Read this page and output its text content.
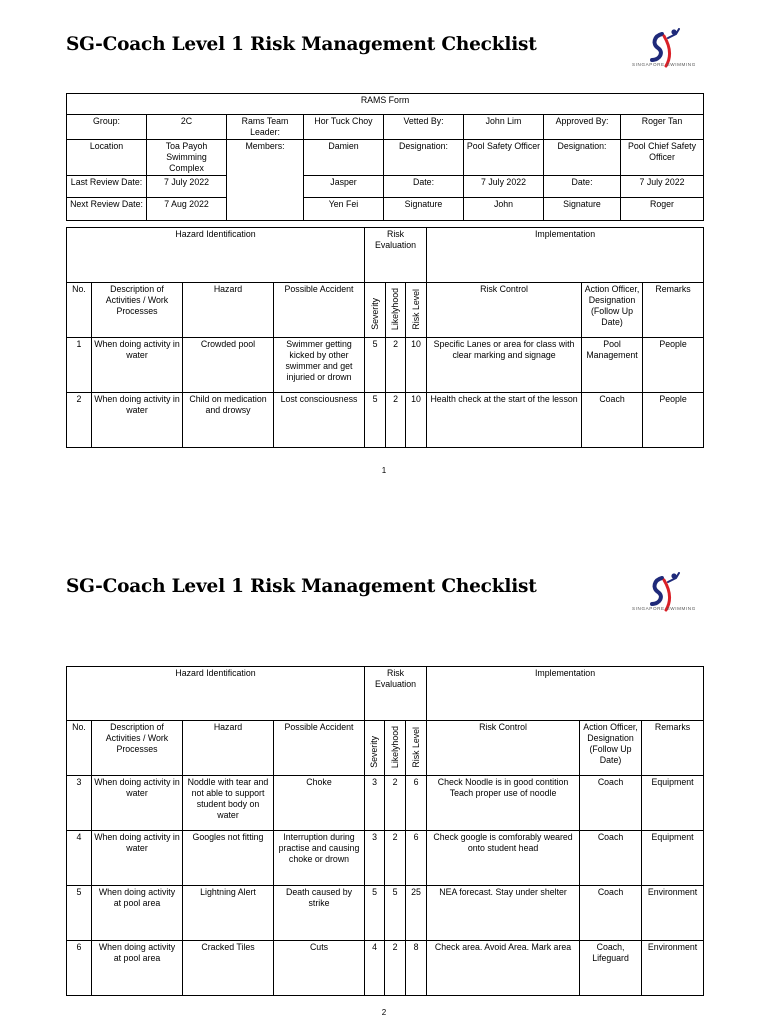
SG-Coach Level 1 Risk Management Checklist
SINGAPORE SWIMMING
RAMS Form							
Group:	2C	Rams Team Leader:	Hor Tuck Choy	Vetted By:	John Lim	Approved By:	Roger Tan
Location	Toa Payoh Swimming Complex	Members:	Damien	Designation:	Pool Safety Officer	Designation:	Pool Chief Safety Officer
Last Review Date:	7 July 2022		Jasper	Date:	7 July 2022	Date:	7 July 2022
Next Review Date:	7 Aug 2022		Yen Fei	Signature	John	Signature	Roger
Hazard Identification				Risk Evaluation			Implementation		
No.	Description of Activities / Work Processes	Hazard	Possible Accident	Severity	Likelyhood	Risk Level	Risk Control	Action Officer, Designation (Follow Up Date)	Remarks
1	When doing activity in water	Crowded pool	Swimmer getting kicked by other swimmer and get injuried or drown	5	2	10	Specific Lanes or area for class with clear marking and signage	Pool Management	People
2	When doing activity in water	Child on medication and drowsy	Lost consciousness	5	2	10	Health check at the start of the lesson	Coach	People
1
SG-Coach Level 1 Risk Management Checklist
SINGAPORE SWIMMING
Hazard Identification				Risk Evaluation			Implementation		
No.	Description of Activities / Work Processes	Hazard	Possible Accident	Severity	Likelyhood	Risk Level	Risk Control	Action Officer, Designation (Follow Up Date)	Remarks
3	When doing activity in water	Noddle with tear and not able to support student body on water	Choke	3	2	6	Check Noodle is in good contition Teach proper use of noodle	Coach	Equipment
4	When doing activity in water	Googles not fitting	Interruption during practise and causing choke or drown	3	2	6	Check google is comforably weared onto student head	Coach	Equipment
5	When doing activity at pool area	Lightning Alert	Death caused by strike	5	5	25	NEA forecast. Stay under shelter	Coach	Environment
6	When doing activity at pool area	Cracked Tiles	Cuts	4	2	8	Check area. Avoid Area. Mark area	Coach, Lifeguard	Environment
2
